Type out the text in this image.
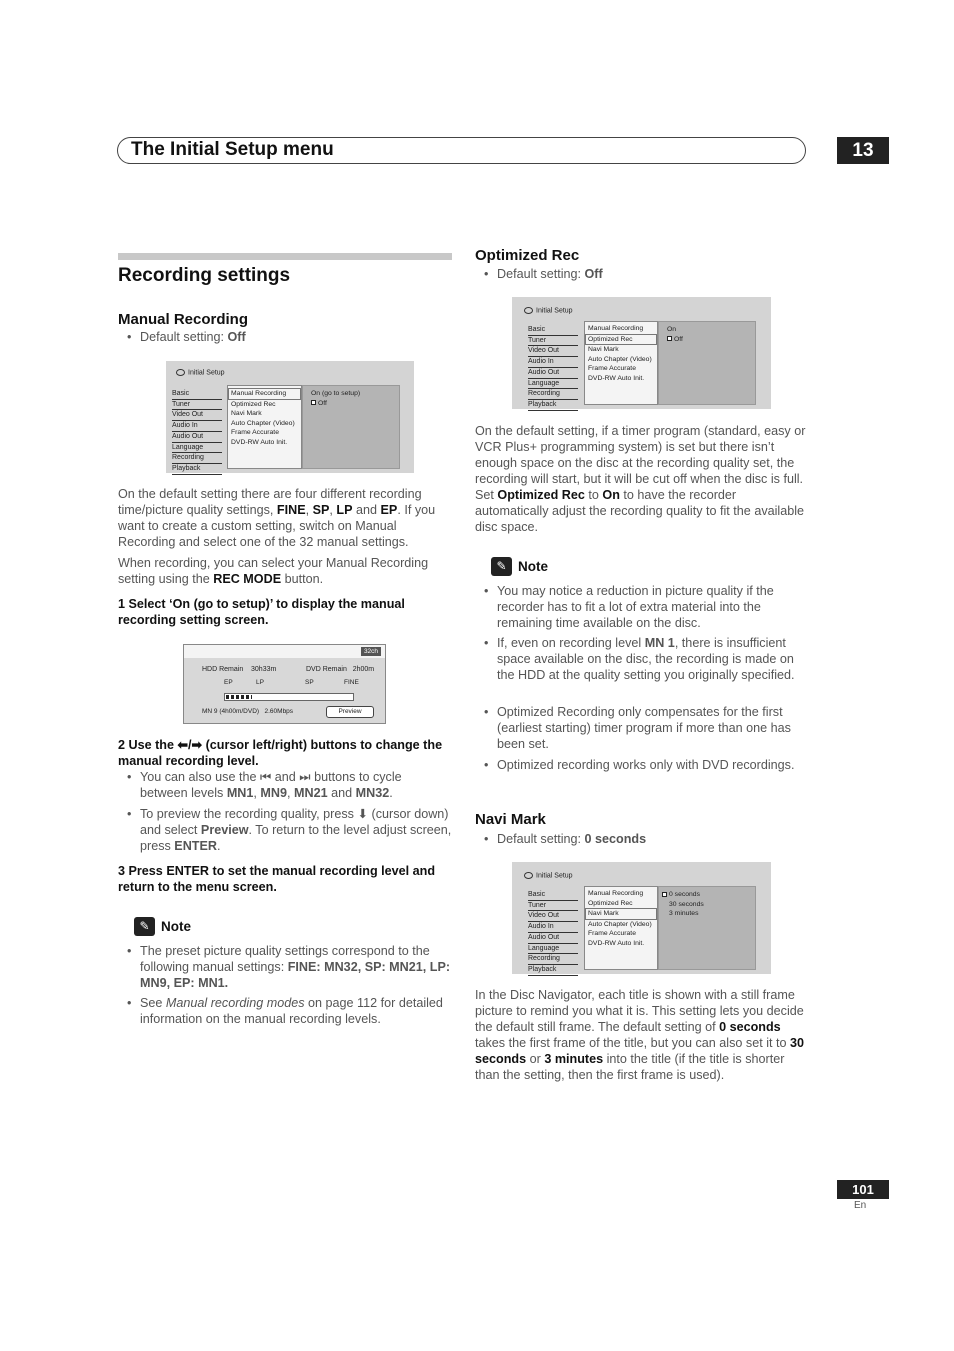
The Initial Setup menu	13
Recording settings
Manual Recording

• Default setting: Off

Initial Setup
Basic
Tuner
Video Out
Audio In
Audio Out
Language
Recording
Playback
Manual Recording
Optimized Rec
Navi Mark
Auto Chapter (Video)
Frame Accurate
DVD-RW Auto Init.
On (go to setup)
Off

On the default setting there are four different recording time/picture quality settings, FINE, SP, LP and EP. If you want to create a custom setting, switch on Manual Recording and select one of the 32 manual settings.

When recording, you can select your Manual Recording setting using the REC MODE button.

1 Select ‘On (go to setup)’ to display the manual recording setting screen.

32ch
HDD Remain 30h33m	DVD Remain 2h00m
EP	LP	SP	FINE
MN 9 (4h00m/DVD) 2.60Mbps	Preview

2 Use the ⬅/➡ (cursor left/right) buttons to change the manual recording level.

• You can also use the ⏮ and ⏭ buttons to cycle between levels MN1, MN9, MN21 and MN32.

• To preview the recording quality, press ⬇ (cursor down) and select Preview. To return to the level adjust screen, press ENTER.

3 Press ENTER to set the manual recording level and return to the menu screen.

✎ Note

• The preset picture quality settings correspond to the following manual settings: FINE: MN32, SP: MN21, LP: MN9, EP: MN1.

• See Manual recording modes on page 112 for detailed information on the manual recording levels.

Optimized Rec

• Default setting: Off

Initial Setup
Basic
Tuner
Video Out
Audio In
Audio Out
Language
Recording
Playback
Manual Recording
Optimized Rec
Navi Mark
Auto Chapter (Video)
Frame Accurate
DVD-RW Auto Init.
On
Off

On the default setting, if a timer program (standard, easy or VCR Plus+ programming system) is set but there isn’t enough space on the disc at the recording quality set, the recording will start, but it will be cut off when the disc is full. Set Optimized Rec to On to have the recorder automatically adjust the recording quality to fit the available disc space.

✎ Note

• You may notice a reduction in picture quality if the recorder has to fit a lot of extra material into the remaining time available on the disc.

• If, even on recording level MN 1, there is insufficient space available on the disc, the recording is made on the HDD at the quality setting you originally specified.

• Optimized Recording only compensates for the first (earliest starting) timer program if more than one has been set.

• Optimized recording works only with DVD recordings.

Navi Mark

• Default setting: 0 seconds

Initial Setup
Basic
Tuner
Video Out
Audio In
Audio Out
Language
Recording
Playback
Manual Recording
Optimized Rec
Navi Mark
Auto Chapter (Video)
Frame Accurate
DVD-RW Auto Init.
0 seconds
30 seconds
3 minutes

In the Disc Navigator, each title is shown with a still frame picture to remind you what it is. This setting lets you decide the default still frame. The default setting of 0 seconds takes the first frame of the title, but you can also set it to 30 seconds or 3 minutes into the title (if the title is shorter than the setting, then the first frame is used).

101
En
